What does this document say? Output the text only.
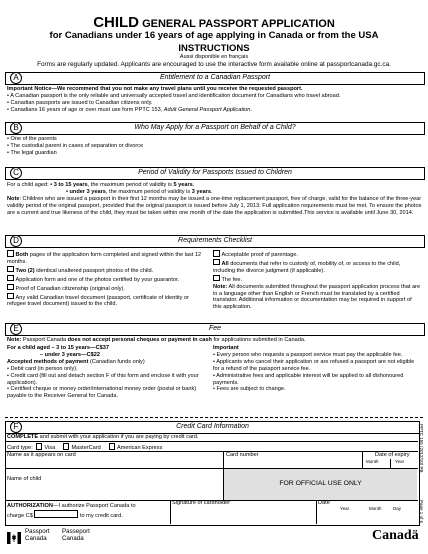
CHILD GENERAL PASSPORT APPLICATION
for Canadians under 16 years of age applying in Canada or from the USA
INSTRUCTIONS
Aussi disponible en français
Forms are regularly updated. Applicants are encouraged to use the interactive form available online at passportcanada.gc.ca.
A	Entitlement to a Canadian Passport

Important Notice—We recommend that you not make any travel plans until you receive the requested passport.

• A Canadian passport is the only reliable and universally accepted travel and identification document for Canadians who travel abroad.

• Canadian passports are issued to Canadian citizens only.

• Canadians 16 years of age or over must use form PPTC 153, Adult General Passport Application.

B	Who May Apply for a Passport on Behalf of a Child?

• One of the parents

• The custodial parent in cases of separation or divorce

• The legal guardian

C	Period of Validity for Passports Issued to Children

For a child aged: • 3 to 15 years, the maximum period of validity is 5 years.

• under 3 years, the maximum period of validity is 3 years.

Note: Children who are issued a passport in their first 12 months may be issued a one-time replacement passport, free of charge, valid for the balance of the three-year validity period of the original passport, provided that the original passport is issued before July 1, 2013. Full application requirements must be met. To ensure the photos are a current and true likeness of the child, they must be taken within one month of the date the application is submitted.This service is available until June 30, 2014.

D	Requirements Checklist

Both pages of the application form completed and signed within the last 12 months.

Two (2) identical unaltered passport photos of the child.

Application form and one of the photos certified by your guarantor.

Proof of Canadian citizenship (original only).

Any valid Canadian travel document (passport, certificate of identity or refugee travel document) issued to the child.

Acceptable proof of parentage.

All documents that refer to custody of, mobility of, or access to the child, including the divorce judgment (if applicable).

The fee.

Note: All documents submitted throughout the passport application process that are in a language other than English or French must be translated by a certified translator. Additional information or documentation may be required in support of this application.

E	Fee

Note: Passport Canada does not accept personal cheques or payment in cash for applications submitted in Canada.

For a child aged – 3 to 15 years—C$37

– under 3 years—C$22

Accepted methods of payment (Canadian funds only)

• Debit card (in person only).

• Credit card (fill out and detach section F of this form and enclose it with your application).

• Certified cheque or money order/international money order (postal or bank) payable to the Receiver General for Canada.

Important

• Every person who requests a passport service must pay the applicable fee.

• Applicants who cancel their application or are refused a passport are not eligible for a refund of the passport service fee.

• Administrative fees and applicable interest will be applied to all dishonoured payments.

• Fees are subject to change.

F	Credit Card Information

COMPLETE and submit with your application if you are paying by credit card.

Card type: Visa	MasterCard	American Express

Name as it appears on card	Card number	Date of expiry
Month	Year
Name of child
FOR OFFICIAL USE ONLY

AUTHORIZATION—I authorize Passport Canada to

charge C$	to my credit card.

Signature of cardholder	Date
Year	Month	Day
PPTC 155 (2012/10) PB
Page 1 of 6

Passport

Canada

Passeport

Canada	Canadä
